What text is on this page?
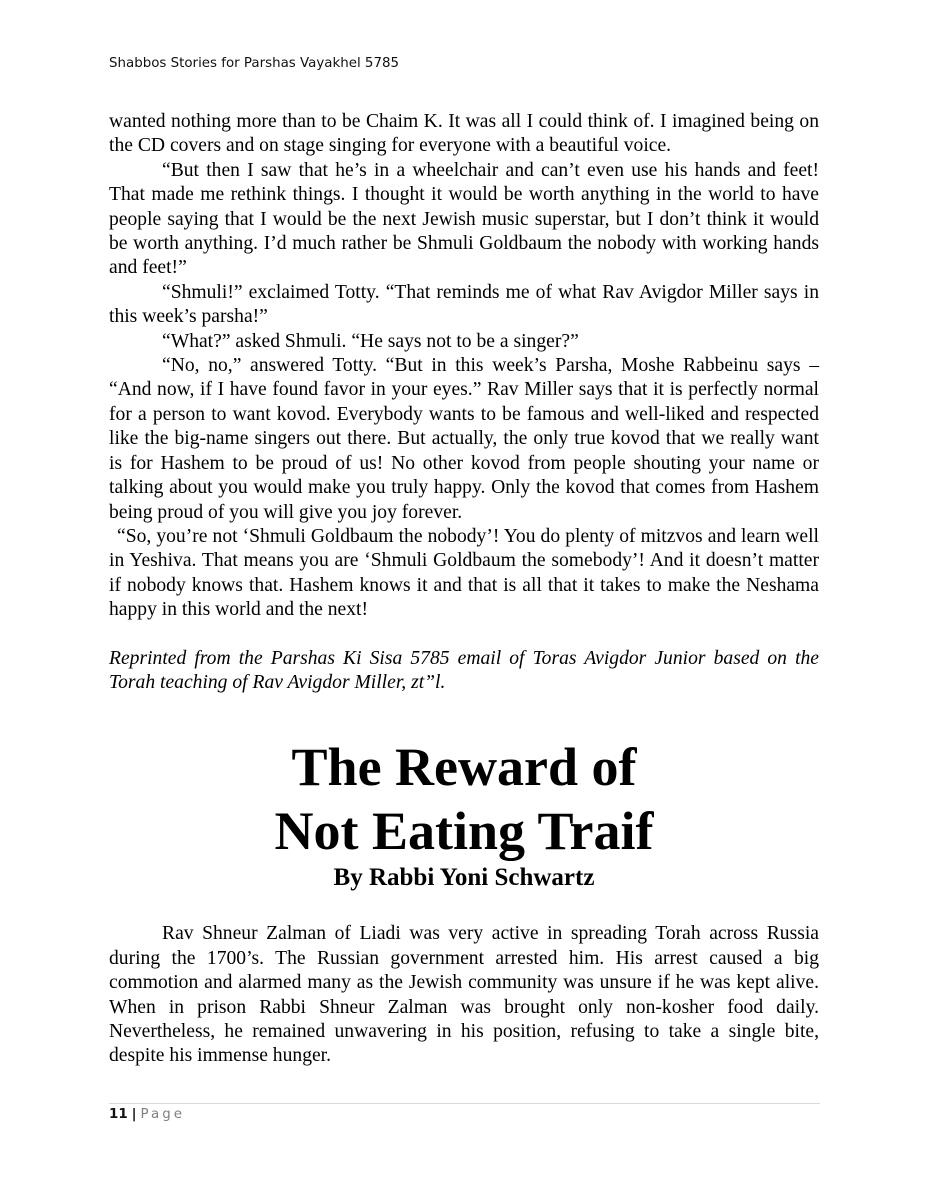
Shabbos Stories for Parshas Vayakhel 5785

wanted nothing more than to be Chaim K. It was all I could think of. I imagined being on the CD covers and on stage singing for everyone with a beautiful voice.

“But then I saw that he’s in a wheelchair and can’t even use his hands and feet! That made me rethink things. I thought it would be worth anything in the world to have people saying that I would be the next Jewish music superstar, but I don’t think it would be worth anything. I’d much rather be Shmuli Goldbaum the nobody with working hands and feet!”

“Shmuli!” exclaimed Totty. “That reminds me of what Rav Avigdor Miller says in this week’s parsha!”

“What?” asked Shmuli. “He says not to be a singer?”

“No, no,” answered Totty. “But in this week’s Parsha, Moshe Rabbeinu says – “And now, if I have found favor in your eyes.” Rav Miller says that it is perfectly normal for a person to want kovod. Everybody wants to be famous and well-liked and respected like the big-name singers out there. But actually, the only true kovod that we really want is for Hashem to be proud of us! No other kovod from people shouting your name or talking about you would make you truly happy. Only the kovod that comes from Hashem being proud of you will give you joy forever.

“So, you’re not ‘Shmuli Goldbaum the nobody’! You do plenty of mitzvos and learn well in Yeshiva. That means you are ‘Shmuli Goldbaum the somebody’! And it doesn’t matter if nobody knows that. Hashem knows it and that is all that it takes to make the Neshama happy in this world and the next!

Reprinted from the Parshas Ki Sisa 5785 email of Toras Avigdor Junior based on the Torah teaching of Rav Avigdor Miller, zt”l.

The Reward of
Not Eating Traif
By Rabbi Yoni Schwartz

Rav Shneur Zalman of Liadi was very active in spreading Torah across Russia during the 1700’s. The Russian government arrested him. His arrest caused a big commotion and alarmed many as the Jewish community was unsure if he was kept alive. When in prison Rabbi Shneur Zalman was brought only non-kosher food daily. Nevertheless, he remained unwavering in his position, refusing to take a single bite, despite his immense hunger.

11 | Page
